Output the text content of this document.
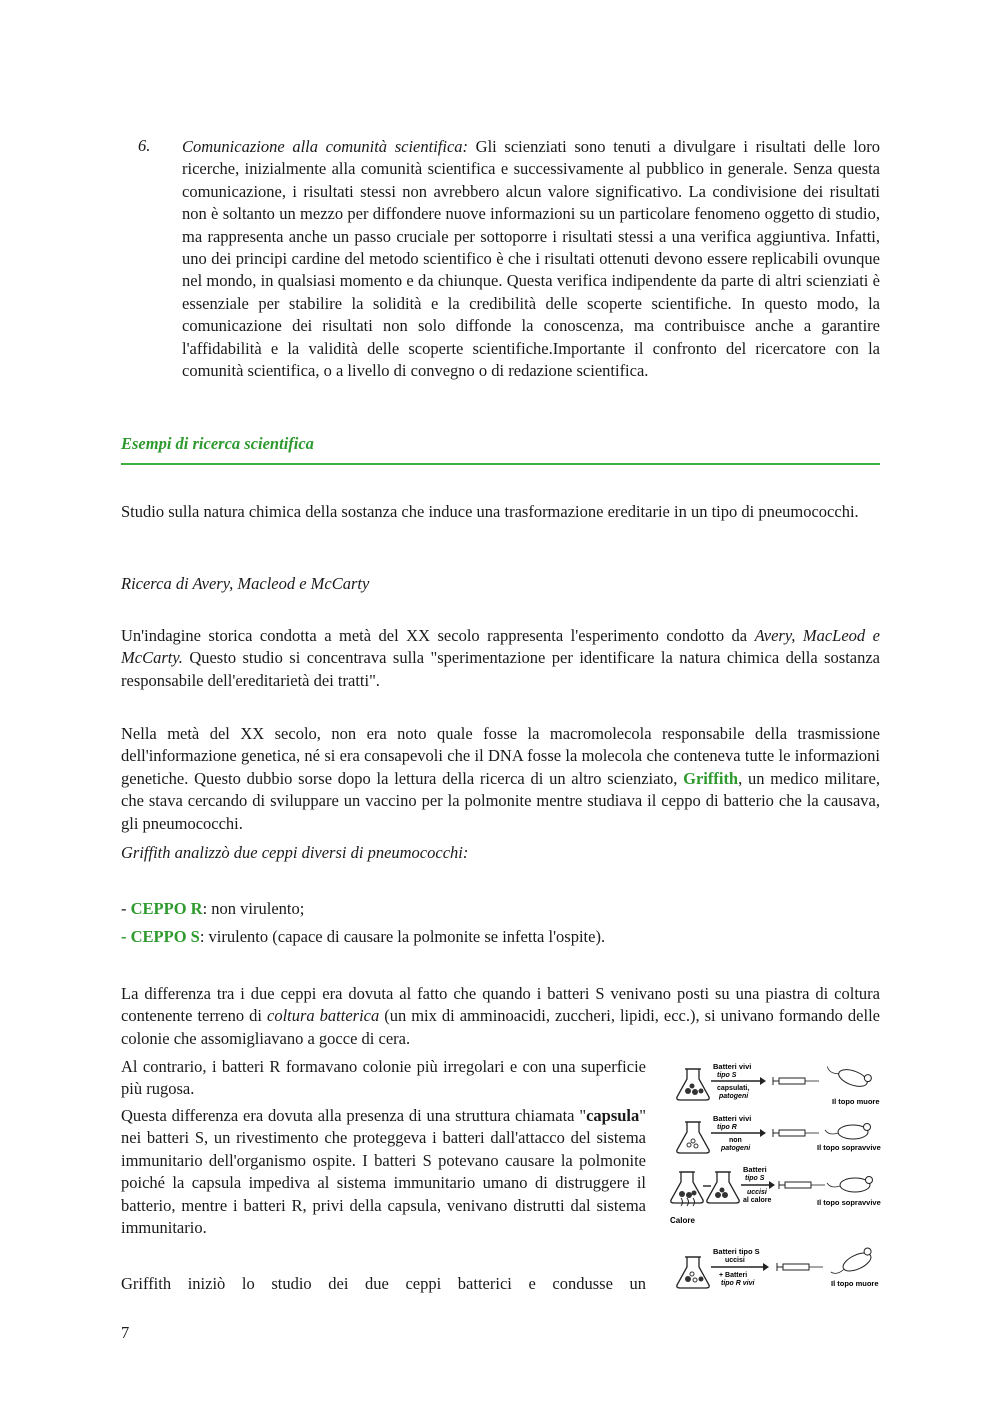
6. Comunicazione alla comunità scientifica: Gli scienziati sono tenuti a divulgare i risultati delle loro ricerche, inizialmente alla comunità scientifica e successivamente al pubblico in generale. Senza questa comunicazione, i risultati stessi non avrebbero alcun valore significativo. La condivisione dei risultati non è soltanto un mezzo per diffondere nuove informazioni su un particolare fenomeno oggetto di studio, ma rappresenta anche un passo cruciale per sottoporre i risultati stessi a una verifica aggiuntiva. Infatti, uno dei principi cardine del metodo scientifico è che i risultati ottenuti devono essere replicabili ovunque nel mondo, in qualsiasi momento e da chiunque. Questa verifica indipendente da parte di altri scienziati è essenziale per stabilire la solidità e la credibilità delle scoperte scientifiche. In questo modo, la comunicazione dei risultati non solo diffonde la conoscenza, ma contribuisce anche a garantire l'affidabilità e la validità delle scoperte scientifiche.Importante il confronto del ricercatore con la comunità scientifica, o a livello di convegno o di redazione scientifica.

Esempi di ricerca scientifica

Studio sulla natura chimica della sostanza che induce una trasformazione ereditarie in un tipo di pneumococchi.

Ricerca di Avery, Macleod e McCarty

Un'indagine storica condotta a metà del XX secolo rappresenta l'esperimento condotto da Avery, MacLeod e McCarty. Questo studio si concentrava sulla "sperimentazione per identificare la natura chimica della sostanza responsabile dell'ereditarietà dei tratti".

Nella metà del XX secolo, non era noto quale fosse la macromolecola responsabile della trasmissione dell'informazione genetica, né si era consapevoli che il DNA fosse la molecola che conteneva tutte le informazioni genetiche. Questo dubbio sorse dopo la lettura della ricerca di un altro scienziato, Griffith, un medico militare, che stava cercando di sviluppare un vaccino per la polmonite mentre studiava il ceppo di batterio che la causava, gli pneumococchi.

Griffith analizzò due ceppi diversi di pneumococchi:

- CEPPO R: non virulento;

- CEPPO S: virulento (capace di causare la polmonite se infetta l'ospite).

La differenza tra i due ceppi era dovuta al fatto che quando i batteri S venivano posti su una piastra di coltura contenente terreno di coltura batterica (un mix di amminoacidi, zuccheri, lipidi, ecc.), si univano formando delle colonie che assomigliavano a gocce di cera.

Al contrario, i batteri R formavano colonie più irregolari e con una superficie più rugosa.

Questa differenza era dovuta alla presenza di una struttura chiamata "capsula" nei batteri S, un rivestimento che proteggeva i batteri dall'attacco del sistema immunitario dell'organismo ospite. I batteri S potevano causare la polmonite poiché la capsula impediva al sistema immunitario umano di distruggere il batterio, mentre i batteri R, privi della capsula, venivano distrutti dal sistema immunitario.

Griffith iniziò lo studio dei due ceppi batterici e condusse un

Batteri vivi
tipo S
capsulati,
patogeni
Il topo muore
Batteri vivi
tipo R
non
patogeni	Il topo sopravvive
Calore
Batteri
tipo S
uccisi
al calore	Il topo sopravvive
Batteri tipo S
uccisi
+ Batteri
tipo R vivi	Il topo muore
7
